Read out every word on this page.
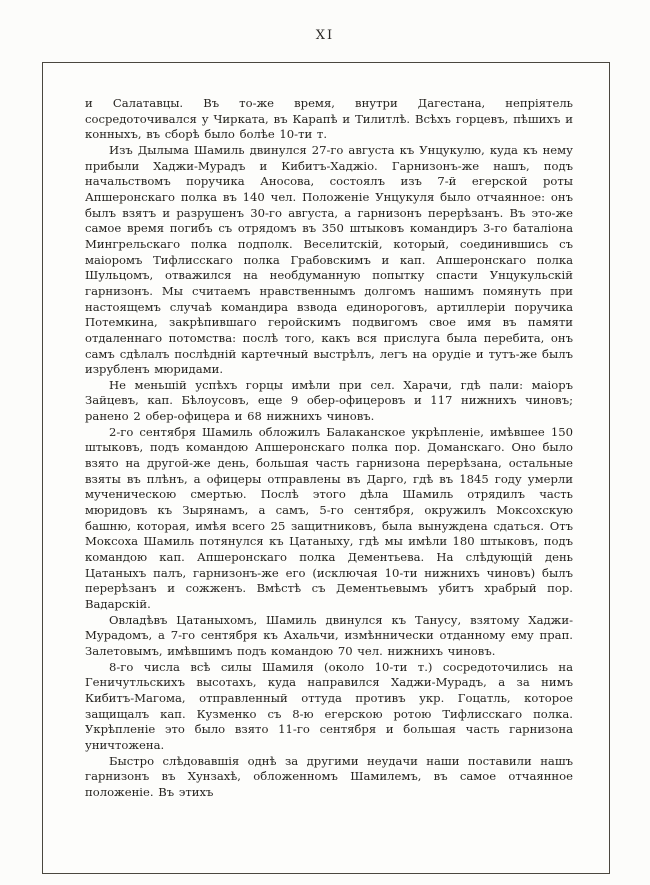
XI

и Салатавцы. Въ то-же время, внутри Дагестана, непріятель сосредоточивался у Чирката, въ Карапѣ и Тилитлѣ. Всѣхъ горцевъ, пѣшихъ и конныхъ, въ сборѣ было болѣе 10-ти т.

Изъ Дылыма Шамиль двинулся 27-го августа къ Унцукулю, куда къ нему прибыли Хаджи-Мурадъ и Кибитъ-Хаджіо. Гарнизонъ-же нашъ, подъ начальствомъ поручика Аносова, состоялъ изъ 7-й егерской роты Апшеронскаго полка въ 140 чел. Положеніе Унцукуля было отчаянное: онъ былъ взятъ и разрушенъ 30-го августа, а гарнизонъ перерѣзанъ. Въ это-же самое время погибъ съ отрядомъ въ 350 штыковъ командиръ 3-го баталіона Мингрельскаго полка подполк. Веселитскій, который, соединившись съ маіоромъ Тифлисскаго полка Грабовскимъ и кап. Апшеронскаго полка Шульцомъ, отважился на необдуманную попытку спасти Унцукульскій гарнизонъ. Мы считаемъ нравственнымъ долгомъ нашимъ помянуть при настоящемъ случаѣ командира взвода единороговъ, артиллеріи поручика Потемкина, закрѣпившаго геройскимъ подвигомъ свое имя въ памяти отдаленнаго потомства: послѣ того, какъ вся прислуга была перебита, онъ самъ сдѣлалъ послѣдній картечный выстрѣлъ, легъ на орудіе и тутъ-же былъ изрубленъ мюридами.

Не меньшій успѣхъ горцы имѣли при сел. Харачи, гдѣ пали: маіоръ Зайцевъ, кап. Бѣлоусовъ, еще 9 обер-офицеровъ и 117 нижнихъ чиновъ; ранено 2 обер-офицера и 68 нижнихъ чиновъ.

2-го сентября Шамиль обложилъ Балаканское укрѣпленіе, имѣвшее 150 штыковъ, подъ командою Апшеронскаго полка пор. Доманскаго. Оно было взято на другой-же день, большая часть гарнизона перерѣзана, остальные взяты въ плѣнъ, а офицеры отправлены въ Дарго, гдѣ въ 1845 году умерли мученическою смертью. Послѣ этого дѣла Шамиль отрядилъ часть мюридовъ къ Зырянамъ, а самъ, 5-го сентября, окружилъ Моксохскую башню, которая, имѣя всего 25 защитниковъ, была вынуждена сдаться. Отъ Моксоха Шамиль потянулся къ Цатаныху, гдѣ мы имѣли 180 штыковъ, подъ командою кап. Апшеронскаго полка Дементьева. На слѣдующій день Цатаныхъ палъ, гарнизонъ-же его (исключая 10-ти нижнихъ чиновъ) былъ перерѣзанъ и сожженъ. Вмѣстѣ съ Дементьевымъ убитъ храбрый пор. Вадарскій.

Овладѣвъ Цатаныхомъ, Шамиль двинулся къ Танусу, взятому Хаджи-Мурадомъ, а 7-го сентября къ Ахальчи, измѣннически отданному ему прап. Залетовымъ, имѣвшимъ подъ командою 70 чел. нижнихъ чиновъ.

8-го числа всѣ силы Шамиля (около 10-ти т.) сосредоточились на Геничутльскихъ высотахъ, куда направился Хаджи-Мурадъ, а за нимъ Кибитъ-Магома, отправленный оттуда противъ укр. Гоцатль, которое защищалъ кап. Кузменко съ 8-ю егерскою ротою Тифлисскаго полка. Укрѣпленіе это было взято 11-го сентября и большая часть гарнизона уничтожена.

Быстро слѣдовавшія однѣ за другими неудачи наши поставили нашъ гарнизонъ въ Хунзахѣ, обложенномъ Шамилемъ, въ самое отчаянное положеніе. Въ этихъ
